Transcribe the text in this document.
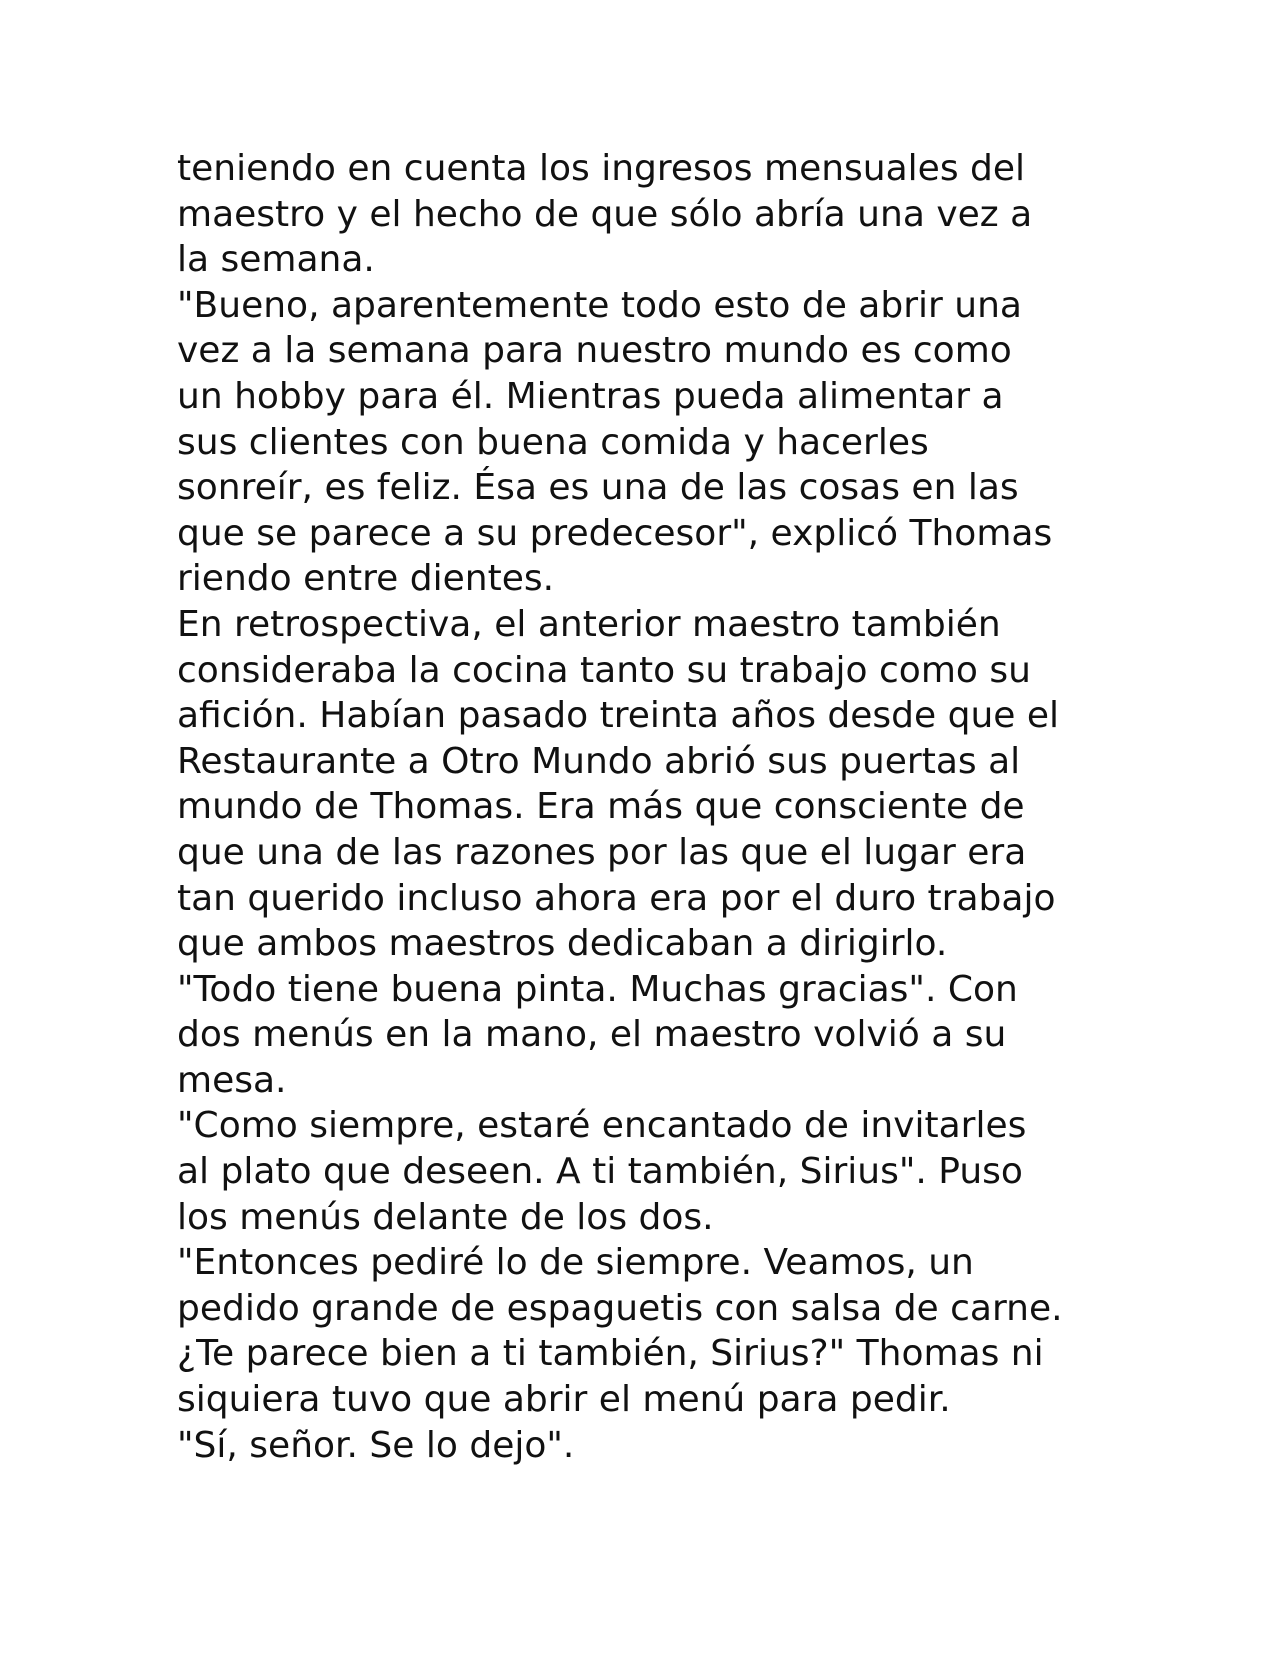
teniendo en cuenta los ingresos mensuales del
maestro y el hecho de que sólo abría una vez a
la semana.
"Bueno, aparentemente todo esto de abrir una
vez a la semana para nuestro mundo es como
un hobby para él. Mientras pueda alimentar a
sus clientes con buena comida y hacerles
sonreír, es feliz. Ésa es una de las cosas en las
que se parece a su predecesor", explicó Thomas
riendo entre dientes.
En retrospectiva, el anterior maestro también
consideraba la cocina tanto su trabajo como su
afición. Habían pasado treinta años desde que el
Restaurante a Otro Mundo abrió sus puertas al
mundo de Thomas. Era más que consciente de
que una de las razones por las que el lugar era
tan querido incluso ahora era por el duro trabajo
que ambos maestros dedicaban a dirigirlo.
"Todo tiene buena pinta. Muchas gracias". Con
dos menús en la mano, el maestro volvió a su
mesa.
"Como siempre, estaré encantado de invitarles
al plato que deseen. A ti también, Sirius". Puso
los menús delante de los dos.
"Entonces pediré lo de siempre. Veamos, un
pedido grande de espaguetis con salsa de carne.
¿Te parece bien a ti también, Sirius?" Thomas ni
siquiera tuvo que abrir el menú para pedir.
"Sí, señor. Se lo dejo".
